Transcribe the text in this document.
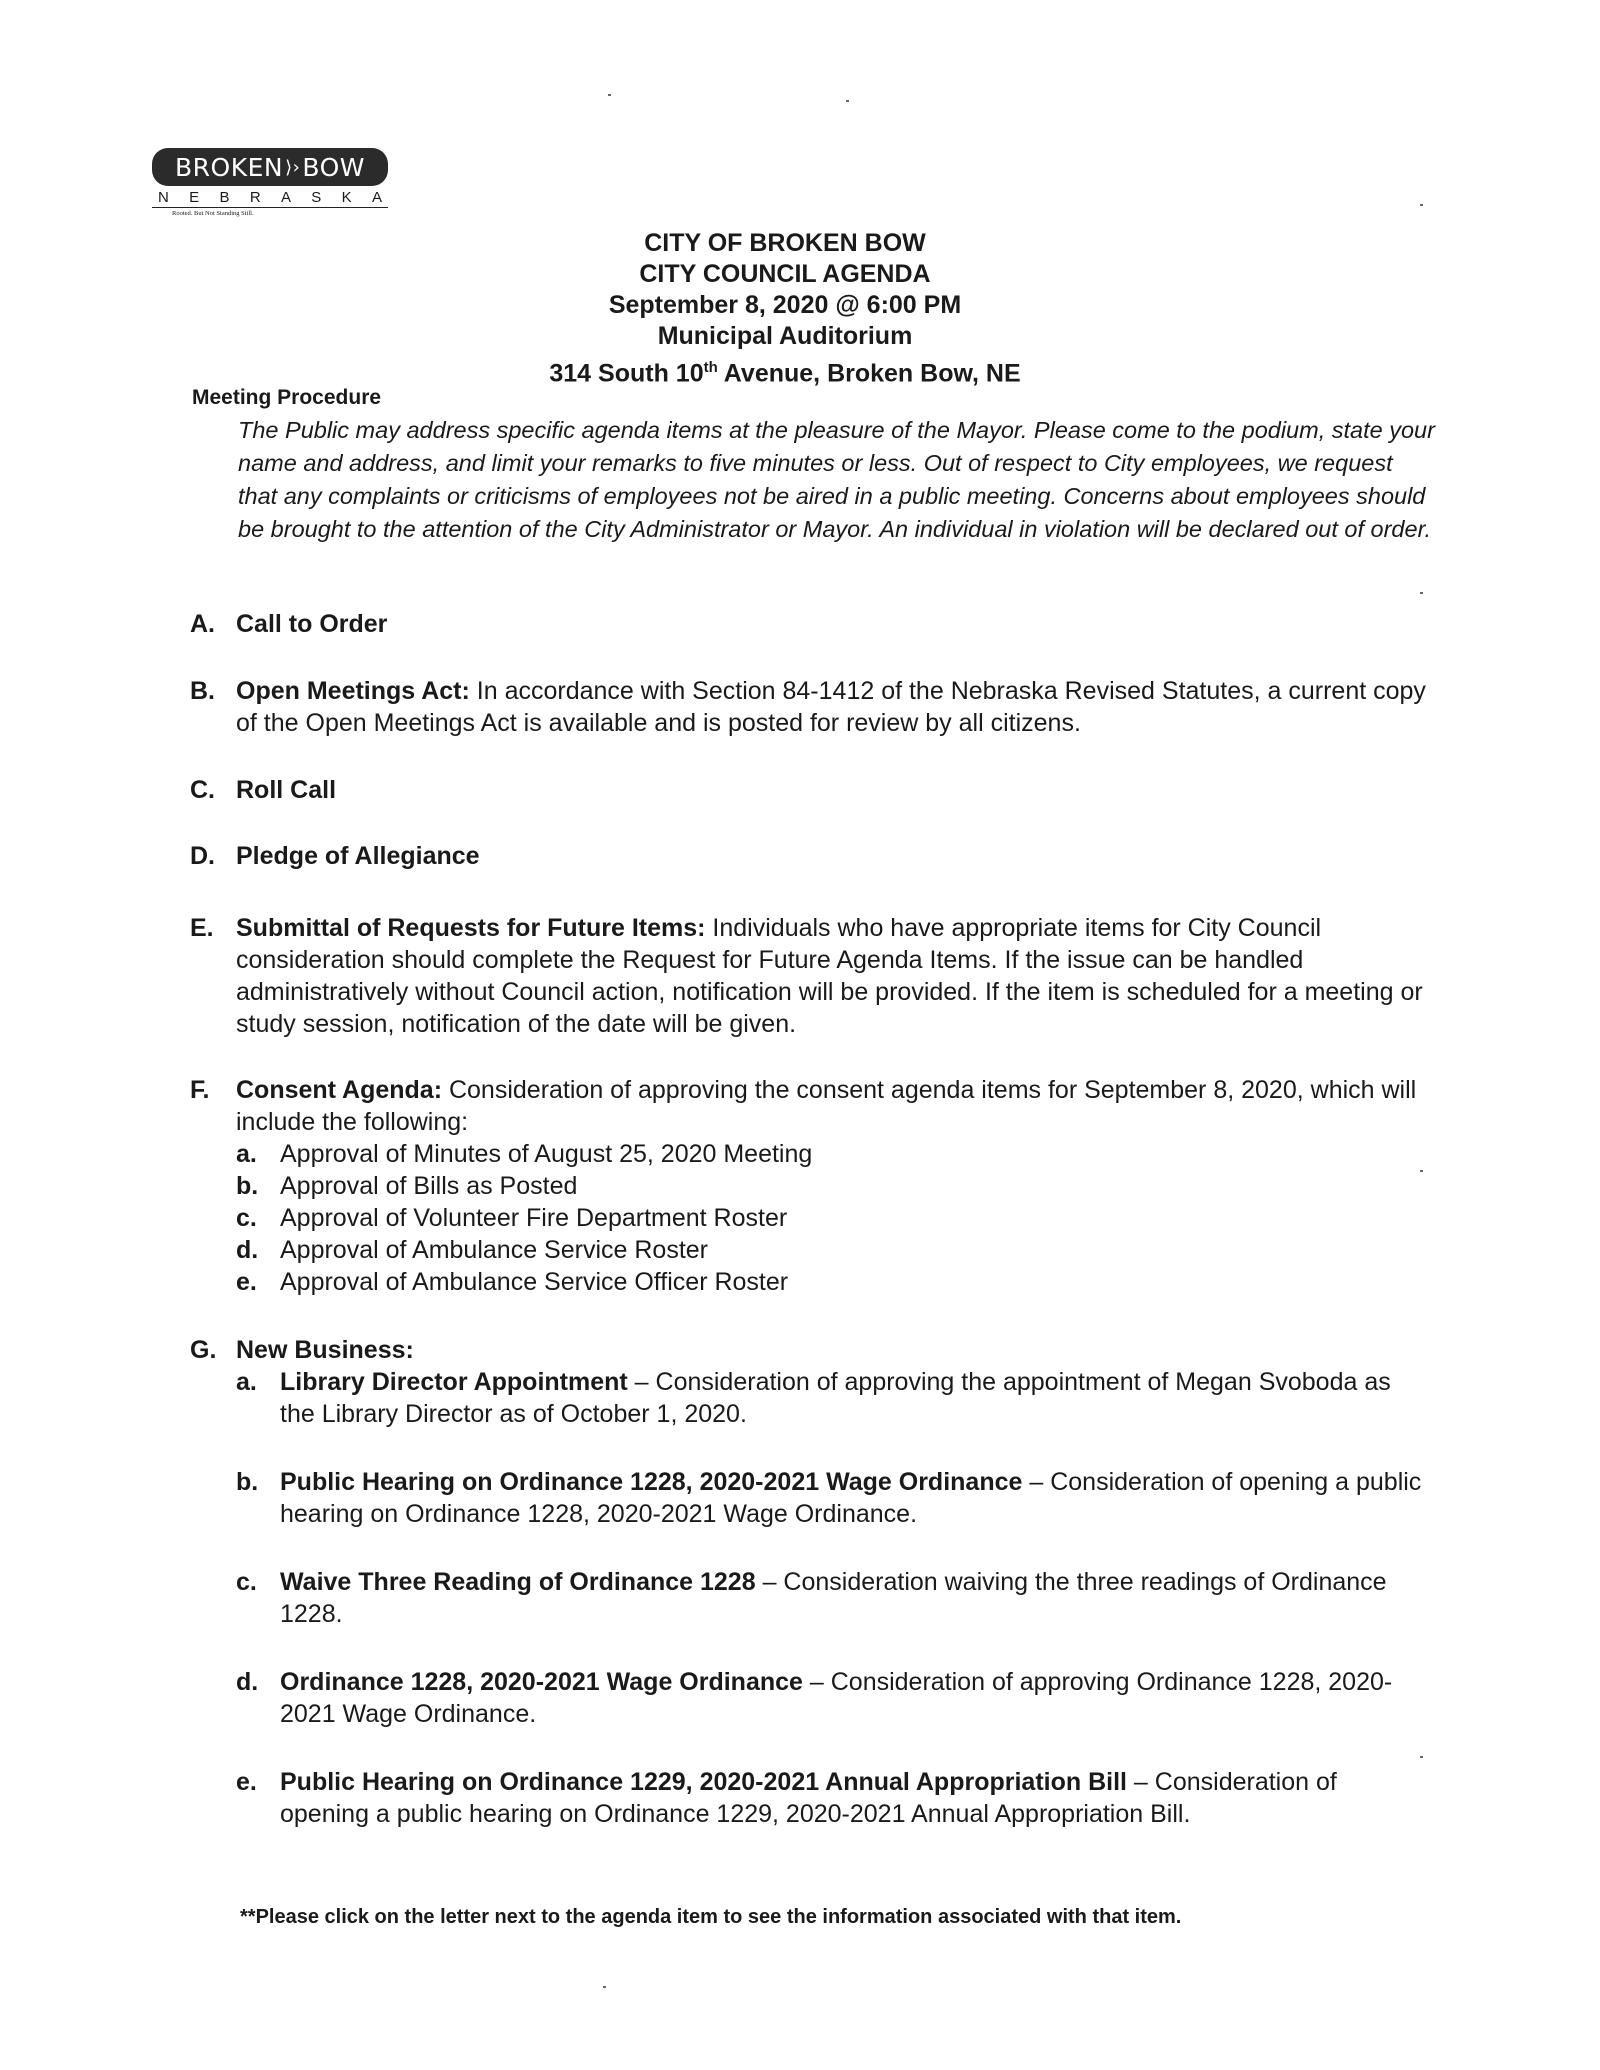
BROKEN ⟩› BOW
N E B R A S K A
Rooted. But Not Standing Still.
CITY OF BROKEN BOW
CITY COUNCIL AGENDA
September 8, 2020 @ 6:00 PM
Municipal Auditorium
314 South 10th Avenue, Broken Bow, NE
Meeting Procedure
The Public may address specific agenda items at the pleasure of the Mayor. Please come to the podium, state your name and address, and limit your remarks to five minutes or less. Out of respect to City employees, we request that any complaints or criticisms of employees not be aired in a public meeting. Concerns about employees should be brought to the attention of the City Administrator or Mayor. An individual in violation will be declared out of order.
A. Call to Order
B. Open Meetings Act: In accordance with Section 84-1412 of the Nebraska Revised Statutes, a current copy of the Open Meetings Act is available and is posted for review by all citizens.
C. Roll Call
D. Pledge of Allegiance
E. Submittal of Requests for Future Items: Individuals who have appropriate items for City Council consideration should complete the Request for Future Agenda Items. If the issue can be handled administratively without Council action, notification will be provided. If the item is scheduled for a meeting or study session, notification of the date will be given.
F. Consent Agenda: Consideration of approving the consent agenda items for September 8, 2020, which will include the following:
a. Approval of Minutes of August 25, 2020 Meeting
b. Approval of Bills as Posted
c. Approval of Volunteer Fire Department Roster
d. Approval of Ambulance Service Roster
e. Approval of Ambulance Service Officer Roster
G. New Business:
a. Library Director Appointment – Consideration of approving the appointment of Megan Svoboda as the Library Director as of October 1, 2020.
b. Public Hearing on Ordinance 1228, 2020-2021 Wage Ordinance – Consideration of opening a public hearing on Ordinance 1228, 2020-2021 Wage Ordinance.
c. Waive Three Reading of Ordinance 1228 – Consideration waiving the three readings of Ordinance 1228.
d. Ordinance 1228, 2020-2021 Wage Ordinance – Consideration of approving Ordinance 1228, 2020-2021 Wage Ordinance.
e. Public Hearing on Ordinance 1229, 2020-2021 Annual Appropriation Bill – Consideration of opening a public hearing on Ordinance 1229, 2020-2021 Annual Appropriation Bill.
**Please click on the letter next to the agenda item to see the information associated with that item.
